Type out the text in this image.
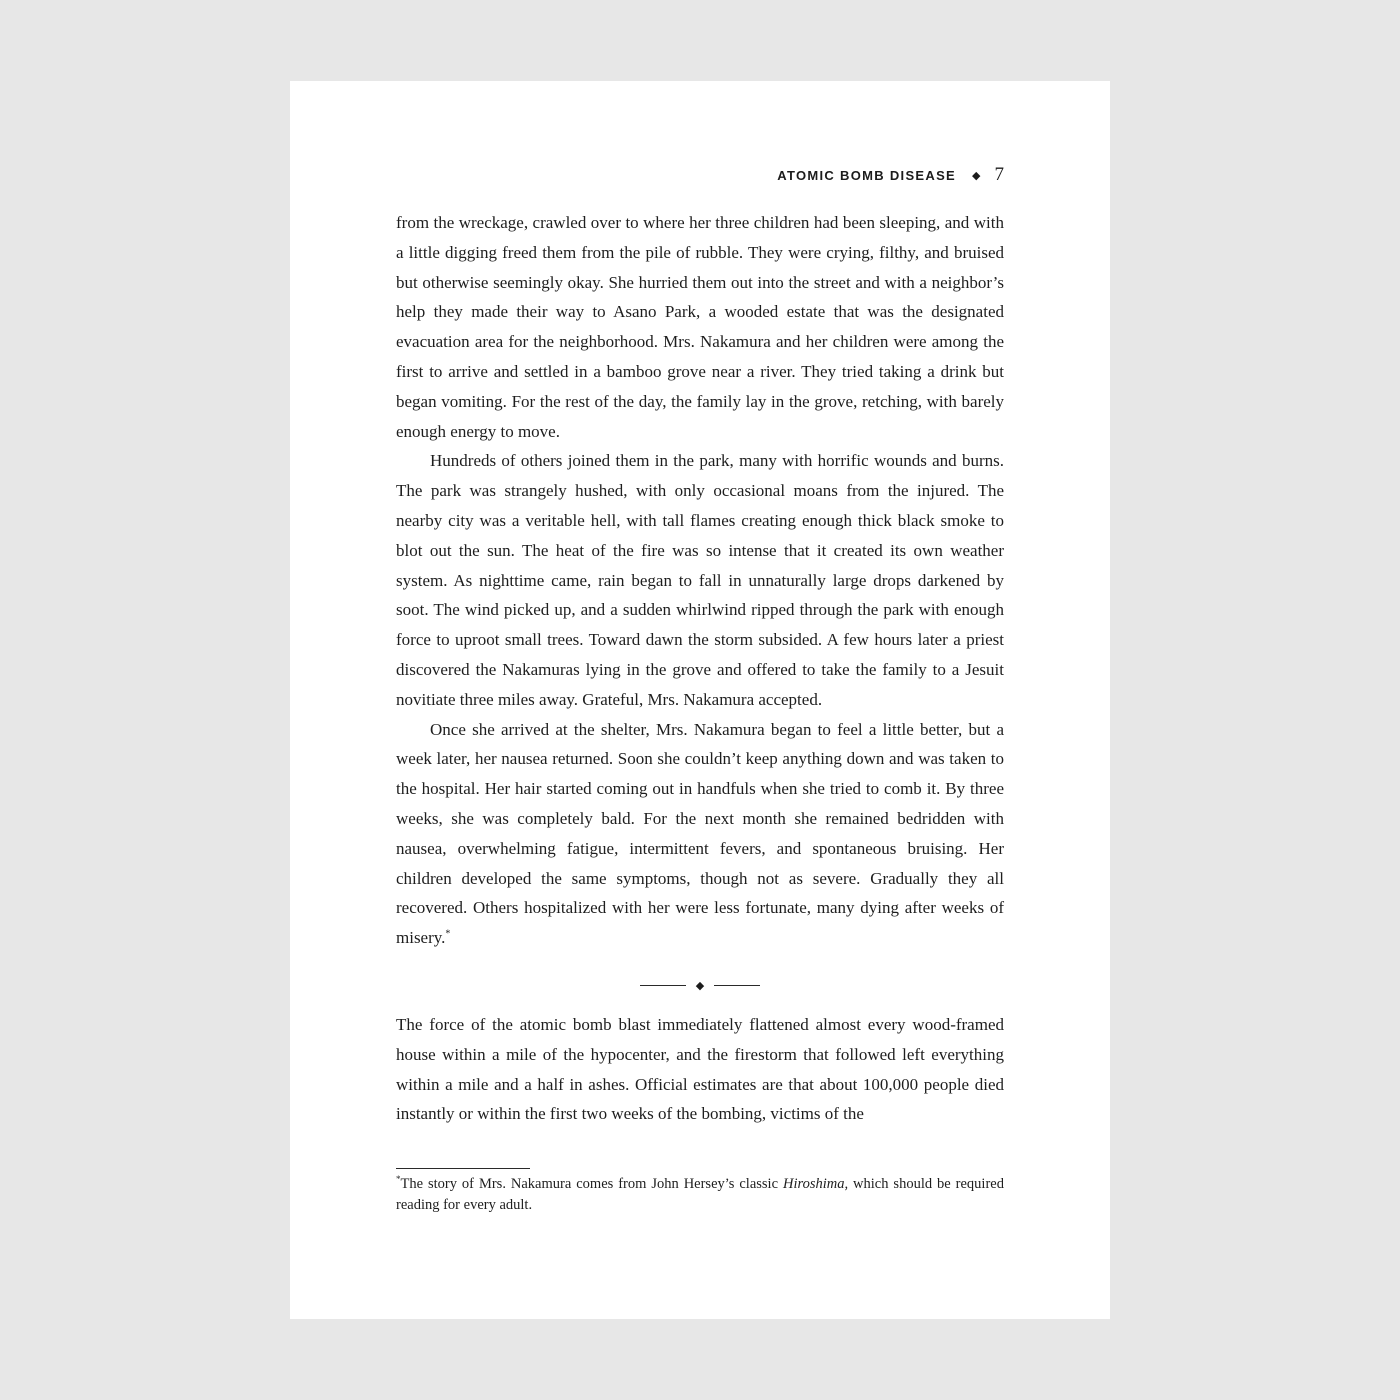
ATOMIC BOMB DISEASE ◆ 7

from the wreckage, crawled over to where her three children had been sleeping, and with a little digging freed them from the pile of rubble. They were crying, filthy, and bruised but otherwise seemingly okay. She hurried them out into the street and with a neighbor’s help they made their way to Asano Park, a wooded estate that was the designated evacuation area for the neighborhood. Mrs. Nakamura and her children were among the first to arrive and settled in a bamboo grove near a river. They tried taking a drink but began vomiting. For the rest of the day, the family lay in the grove, retching, with barely enough energy to move.

Hundreds of others joined them in the park, many with horrific wounds and burns. The park was strangely hushed, with only occasional moans from the injured. The nearby city was a veritable hell, with tall flames creating enough thick black smoke to blot out the sun. The heat of the fire was so intense that it created its own weather system. As nighttime came, rain began to fall in unnaturally large drops darkened by soot. The wind picked up, and a sudden whirlwind ripped through the park with enough force to uproot small trees. Toward dawn the storm subsided. A few hours later a priest discovered the Nakamuras lying in the grove and offered to take the family to a Jesuit novitiate three miles away. Grateful, Mrs. Nakamura accepted.

Once she arrived at the shelter, Mrs. Nakamura began to feel a little better, but a week later, her nausea returned. Soon she couldn’t keep anything down and was taken to the hospital. Her hair started coming out in handfuls when she tried to comb it. By three weeks, she was completely bald. For the next month she remained bedridden with nausea, overwhelming fatigue, intermittent fevers, and spontaneous bruising. Her children developed the same symptoms, though not as severe. Gradually they all recovered. Others hospitalized with her were less fortunate, many dying after weeks of misery.*

◆

The force of the atomic bomb blast immediately flattened almost every wood-framed house within a mile of the hypocenter, and the firestorm that followed left everything within a mile and a half in ashes. Official estimates are that about 100,000 people died instantly or within the first two weeks of the bombing, victims of the

*The story of Mrs. Nakamura comes from John Hersey’s classic Hiroshima, which should be required reading for every adult.
